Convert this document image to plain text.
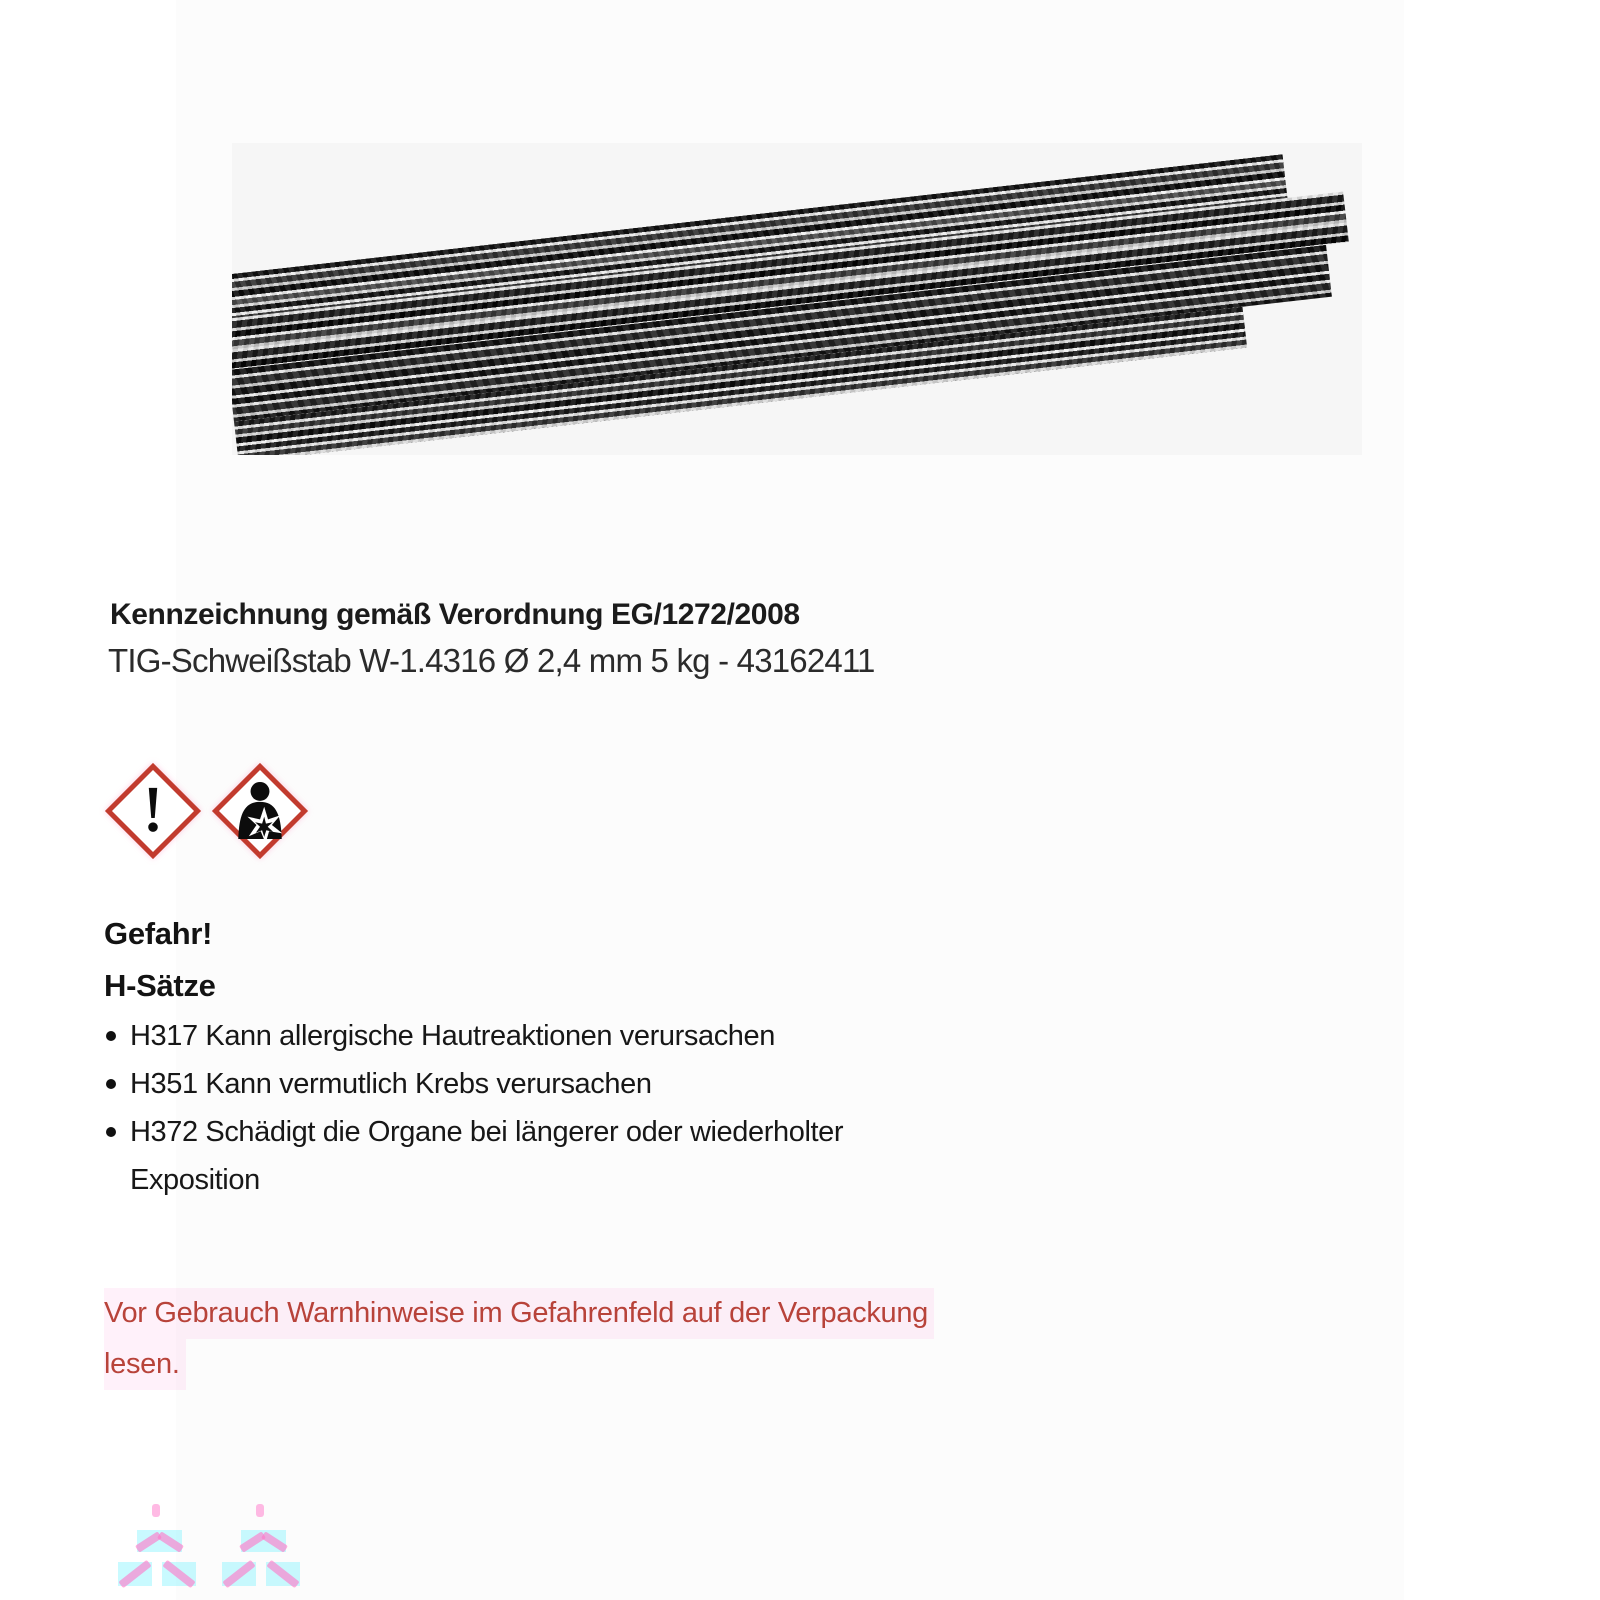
Kennzeichnung gemäß Verordnung EG/1272/2008
TIG-Schweißstab W-1.4316 Ø 2,4 mm 5 kg - 43162411
Gefahr!
H-Sätze
H317 Kann allergische Hautreaktionen verursachen
H351 Kann vermutlich Krebs verursachen
H372 Schädigt die Organe bei längerer oder wiederholter Exposition
Vor Gebrauch Warnhinweise im Gefahrenfeld auf der Verpackung
lesen.
